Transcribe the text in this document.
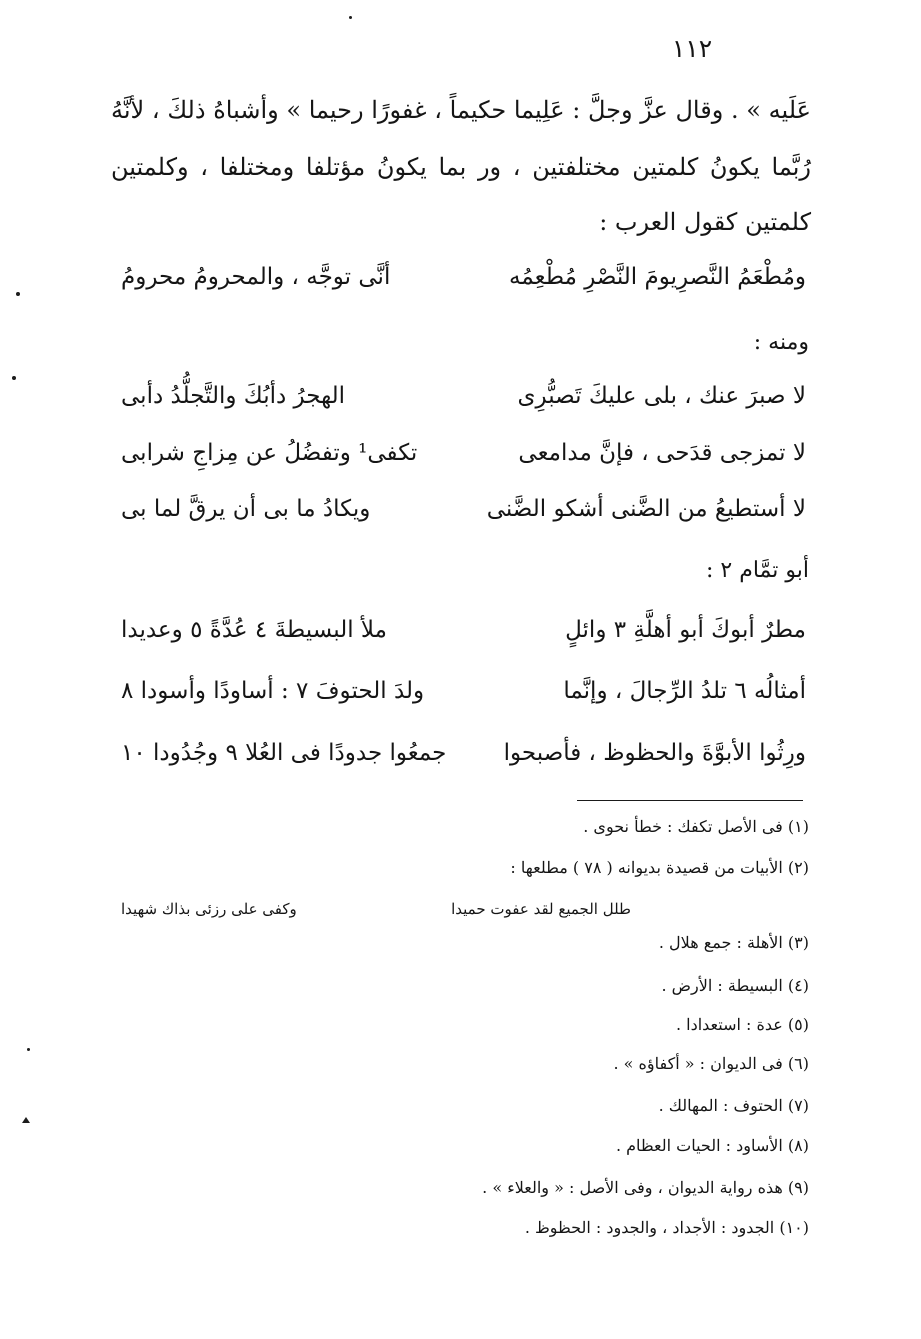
١١٢
عَلَيه » . وقال عزَّ وجلَّ : عَلِيما حكيماً ، غفورًا رحيما » وأشباهُ ذلكَ ، لأنَّهُ
رُبَّما يكونُ كلمتين مختلفتين ، ور بما يكونُ مؤتلفا ومختلفا ، وكلمتين
كلمتين كقول العرب :
ومُطْعَمُ النَّصرِيومَ النَّصْرِ مُطْعِمُه
أنَّى توجَّه ، والمحرومُ محرومُ
ومنه :
لا صبرَ عنك ، بلى عليكَ تَصبُّرِى
الهجرُ دأبُكَ والتَّجلُّدُ دأبى
لا تمزجى قدَحى ، فإنَّ مدامعى
تكفى¹ وتفضُلُ عن مِزاجِ شرابى
لا أستطيعُ من الضَّنى أشكو الضَّنى
ويكادُ ما بى أن يرقَّ لما بى
أبو تمَّام ٢ :
مطرٌ أبوكَ أبو أهلَّةِ ٣ وائلٍ
ملأ البسيطةَ ٤ عُدَّةً ٥ وعديدا
أمثالُه ٦ تلدُ الرِّجالَ ، وإنَّما
ولدَ الحتوفَ ٧ : أساودًا وأسودا ٨
ورِثُوا الأبوَّةَ والحظوظ ، فأصبحوا
جمعُوا جدودًا فى العُلا ٩ وجُدُودا ١٠
(١) فى الأصل تكفك : خطأ نحوى .
(٢) الأبيات من قصيدة بديوانه ( ٧٨ ) مطلعها :
طلل الجميع لقد عفوت حميدا
وكفى على رزئى بذاك شهيدا
(٣) الأهلة : جمع هلال .
(٤) البسيطة : الأرض .
(٥) عدة : استعدادا .
(٦) فى الديوان : « أكفاؤه » .
(٧) الحتوف : المهالك .
(٨) الأساود : الحيات العظام .
(٩) هذه رواية الديوان ، وفى الأصل : « والعلاء » .
(١٠) الجدود : الأجداد ، والجدود : الحظوظ .
